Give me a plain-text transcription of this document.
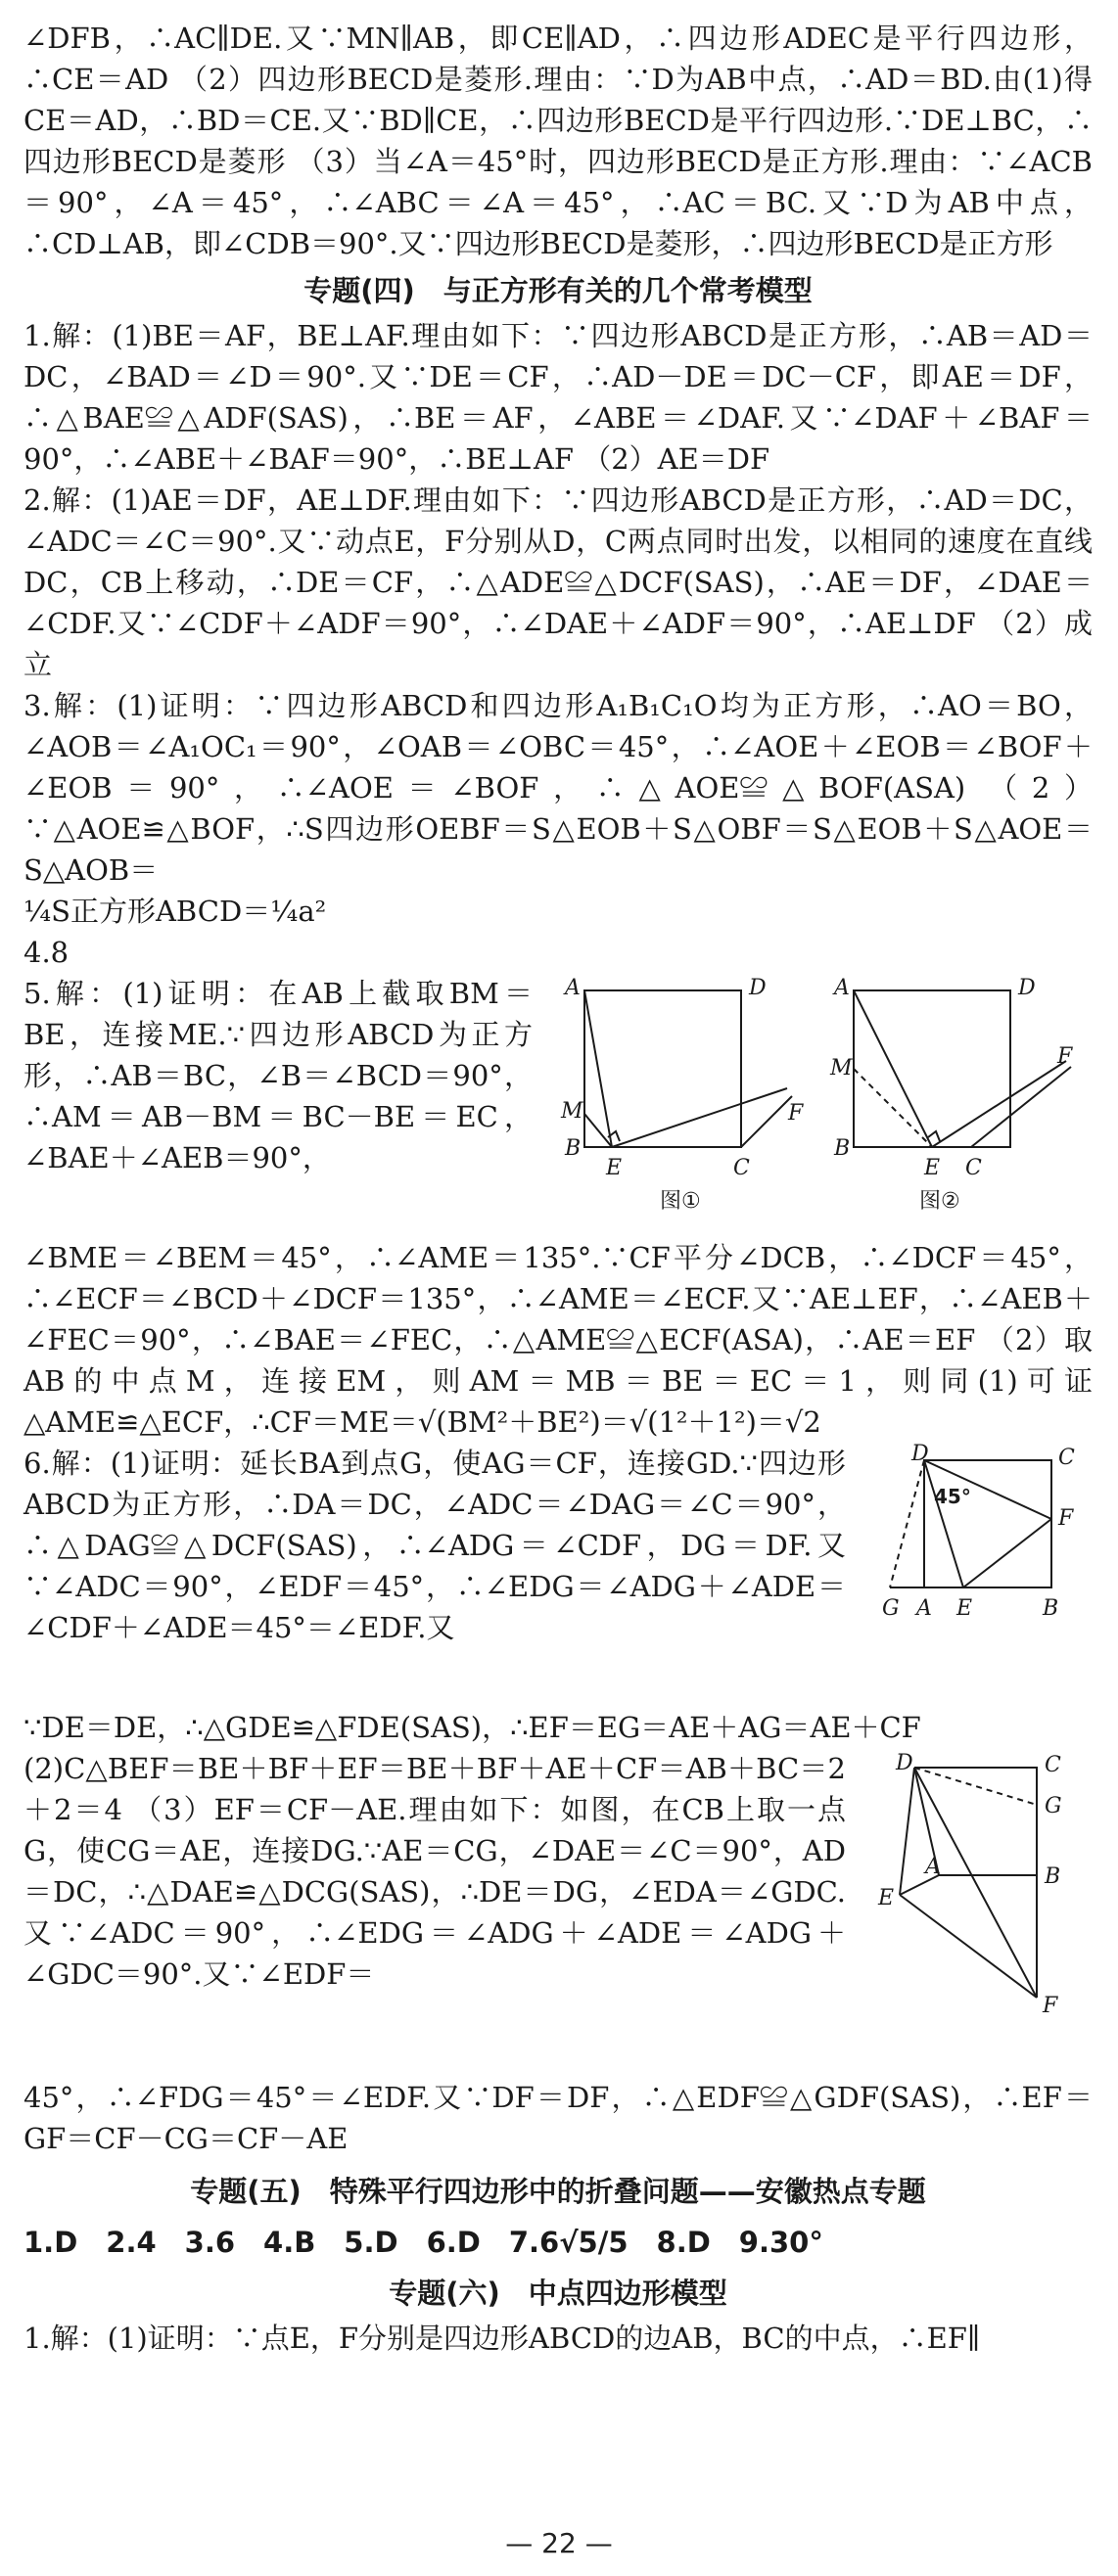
∠DFB，∴AC∥DE.又∵MN∥AB，即CE∥AD，∴四边形ADEC是平行四边形，∴CE＝AD （2）四边形BECD是菱形.理由：∵D为AB中点，∴AD＝BD.由(1)得CE＝AD，∴BD＝CE.又∵BD∥CE，∴四边形BECD是平行四边形.∵DE⊥BC，∴四边形BECD是菱形 （3）当∠A＝45°时，四边形BECD是正方形.理由：∵∠ACB＝90°，∠A＝45°，∴∠ABC＝∠A＝45°，∴AC＝BC.又∵D为AB中点，∴CD⊥AB，即∠CDB＝90°.又∵四边形BECD是菱形，∴四边形BECD是正方形

专题(四)　与正方形有关的几个常考模型

1.解：(1)BE＝AF，BE⊥AF.理由如下：∵四边形ABCD是正方形，∴AB＝AD＝DC，∠BAD＝∠D＝90°.又∵DE＝CF，∴AD－DE＝DC－CF，即AE＝DF，∴△BAE≌△ADF(SAS)，∴BE＝AF，∠ABE＝∠DAF.又∵∠DAF＋∠BAF＝90°，∴∠ABE＋∠BAF＝90°，∴BE⊥AF （2）AE＝DF

2.解：(1)AE＝DF，AE⊥DF.理由如下：∵四边形ABCD是正方形，∴AD＝DC，∠ADC＝∠C＝90°.又∵动点E，F分别从D，C两点同时出发，以相同的速度在直线DC，CB上移动，∴DE＝CF，∴△ADE≌△DCF(SAS)，∴AE＝DF，∠DAE＝∠CDF.又∵∠CDF＋∠ADF＝90°，∴∠DAE＋∠ADF＝90°，∴AE⊥DF （2）成立

3.解：(1)证明：∵四边形ABCD和四边形A₁B₁C₁O均为正方形，∴AO＝BO，∠AOB＝∠A₁OC₁＝90°，∠OAB＝∠OBC＝45°，∴∠AOE＋∠EOB＝∠BOF＋∠EOB＝90°，∴∠AOE＝∠BOF，∴△AOE≌△BOF(ASA) （2）∵△AOE≌△BOF，∴S四边形OEBF＝S△EOB＋S△OBF＝S△EOB＋S△AOE＝S△AOB＝

¼S正方形ABCD＝¼a²

4.8

5.解：(1)证明：在AB上截取BM＝BE，连接ME.∵四边形ABCD为正方形，∴AB＝BC，∠B＝∠BCD＝90°，∴AM＝AB－BM＝BC－BE＝EC，∠BAE＋∠AEB＝90°，

A	D
B
M
E	C
F
图①
A	D
B
M
E C
F
图②

∠BME＝∠BEM＝45°，∴∠AME＝135°.∵CF平分∠DCB，∴∠DCF＝45°，∴∠ECF＝∠BCD＋∠DCF＝135°，∴∠AME＝∠ECF.又∵AE⊥EF，∴∠AEB＋∠FEC＝90°，∴∠BAE＝∠FEC，∴△AME≌△ECF(ASA)，∴AE＝EF （2）取AB的中点M，连接EM，则AM＝MB＝BE＝EC＝1，则同(1)可证△AME≌△ECF，∴CF＝ME＝√(BM²＋BE²)＝√(1²＋1²)＝√2

6.解：(1)证明：延长BA到点G，使AG＝CF，连接GD.∵四边形ABCD为正方形，∴DA＝DC，∠ADC＝∠DAG＝∠C＝90°，∴△DAG≌△DCF(SAS)，∴∠ADG＝∠CDF，DG＝DF.又∵∠ADC＝90°，∠EDF＝45°，∴∠EDG＝∠ADG＋∠ADE＝∠CDF＋∠ADE＝45°＝∠EDF.又

D	C
F
G A E	B
45°

∵DE＝DE，∴△GDE≌△FDE(SAS)，∴EF＝EG＝AE＋AG＝AE＋CF

(2)C△BEF＝BE＋BF＋EF＝BE＋BF＋AE＋CF＝AB＋BC＝2＋2＝4 （3）EF＝CF－AE.理由如下：如图，在CB上取一点G，使CG＝AE，连接DG.∵AE＝CG，∠DAE＝∠C＝90°，AD＝DC，∴△DAE≌△DCG(SAS)，∴DE＝DG，∠EDA＝∠GDC.又∵∠ADC＝90°，∴∠EDG＝∠ADG＋∠ADE＝∠ADG＋∠GDC＝90°.又∵∠EDF＝

D	C
G
B
A
E
F

45°，∴∠FDG＝45°＝∠EDF.又∵DF＝DF，∴△EDF≌△GDF(SAS)，∴EF＝GF＝CF－CG＝CF－AE

专题(五)　特殊平行四边形中的折叠问题——安徽热点专题

1.D　2.4　3.6　4.B　5.D　6.D　7.6√5/5　8.D　9.30°

专题(六)　中点四边形模型

1.解：(1)证明：∵点E，F分别是四边形ABCD的边AB，BC的中点，∴EF∥

— 22 —
